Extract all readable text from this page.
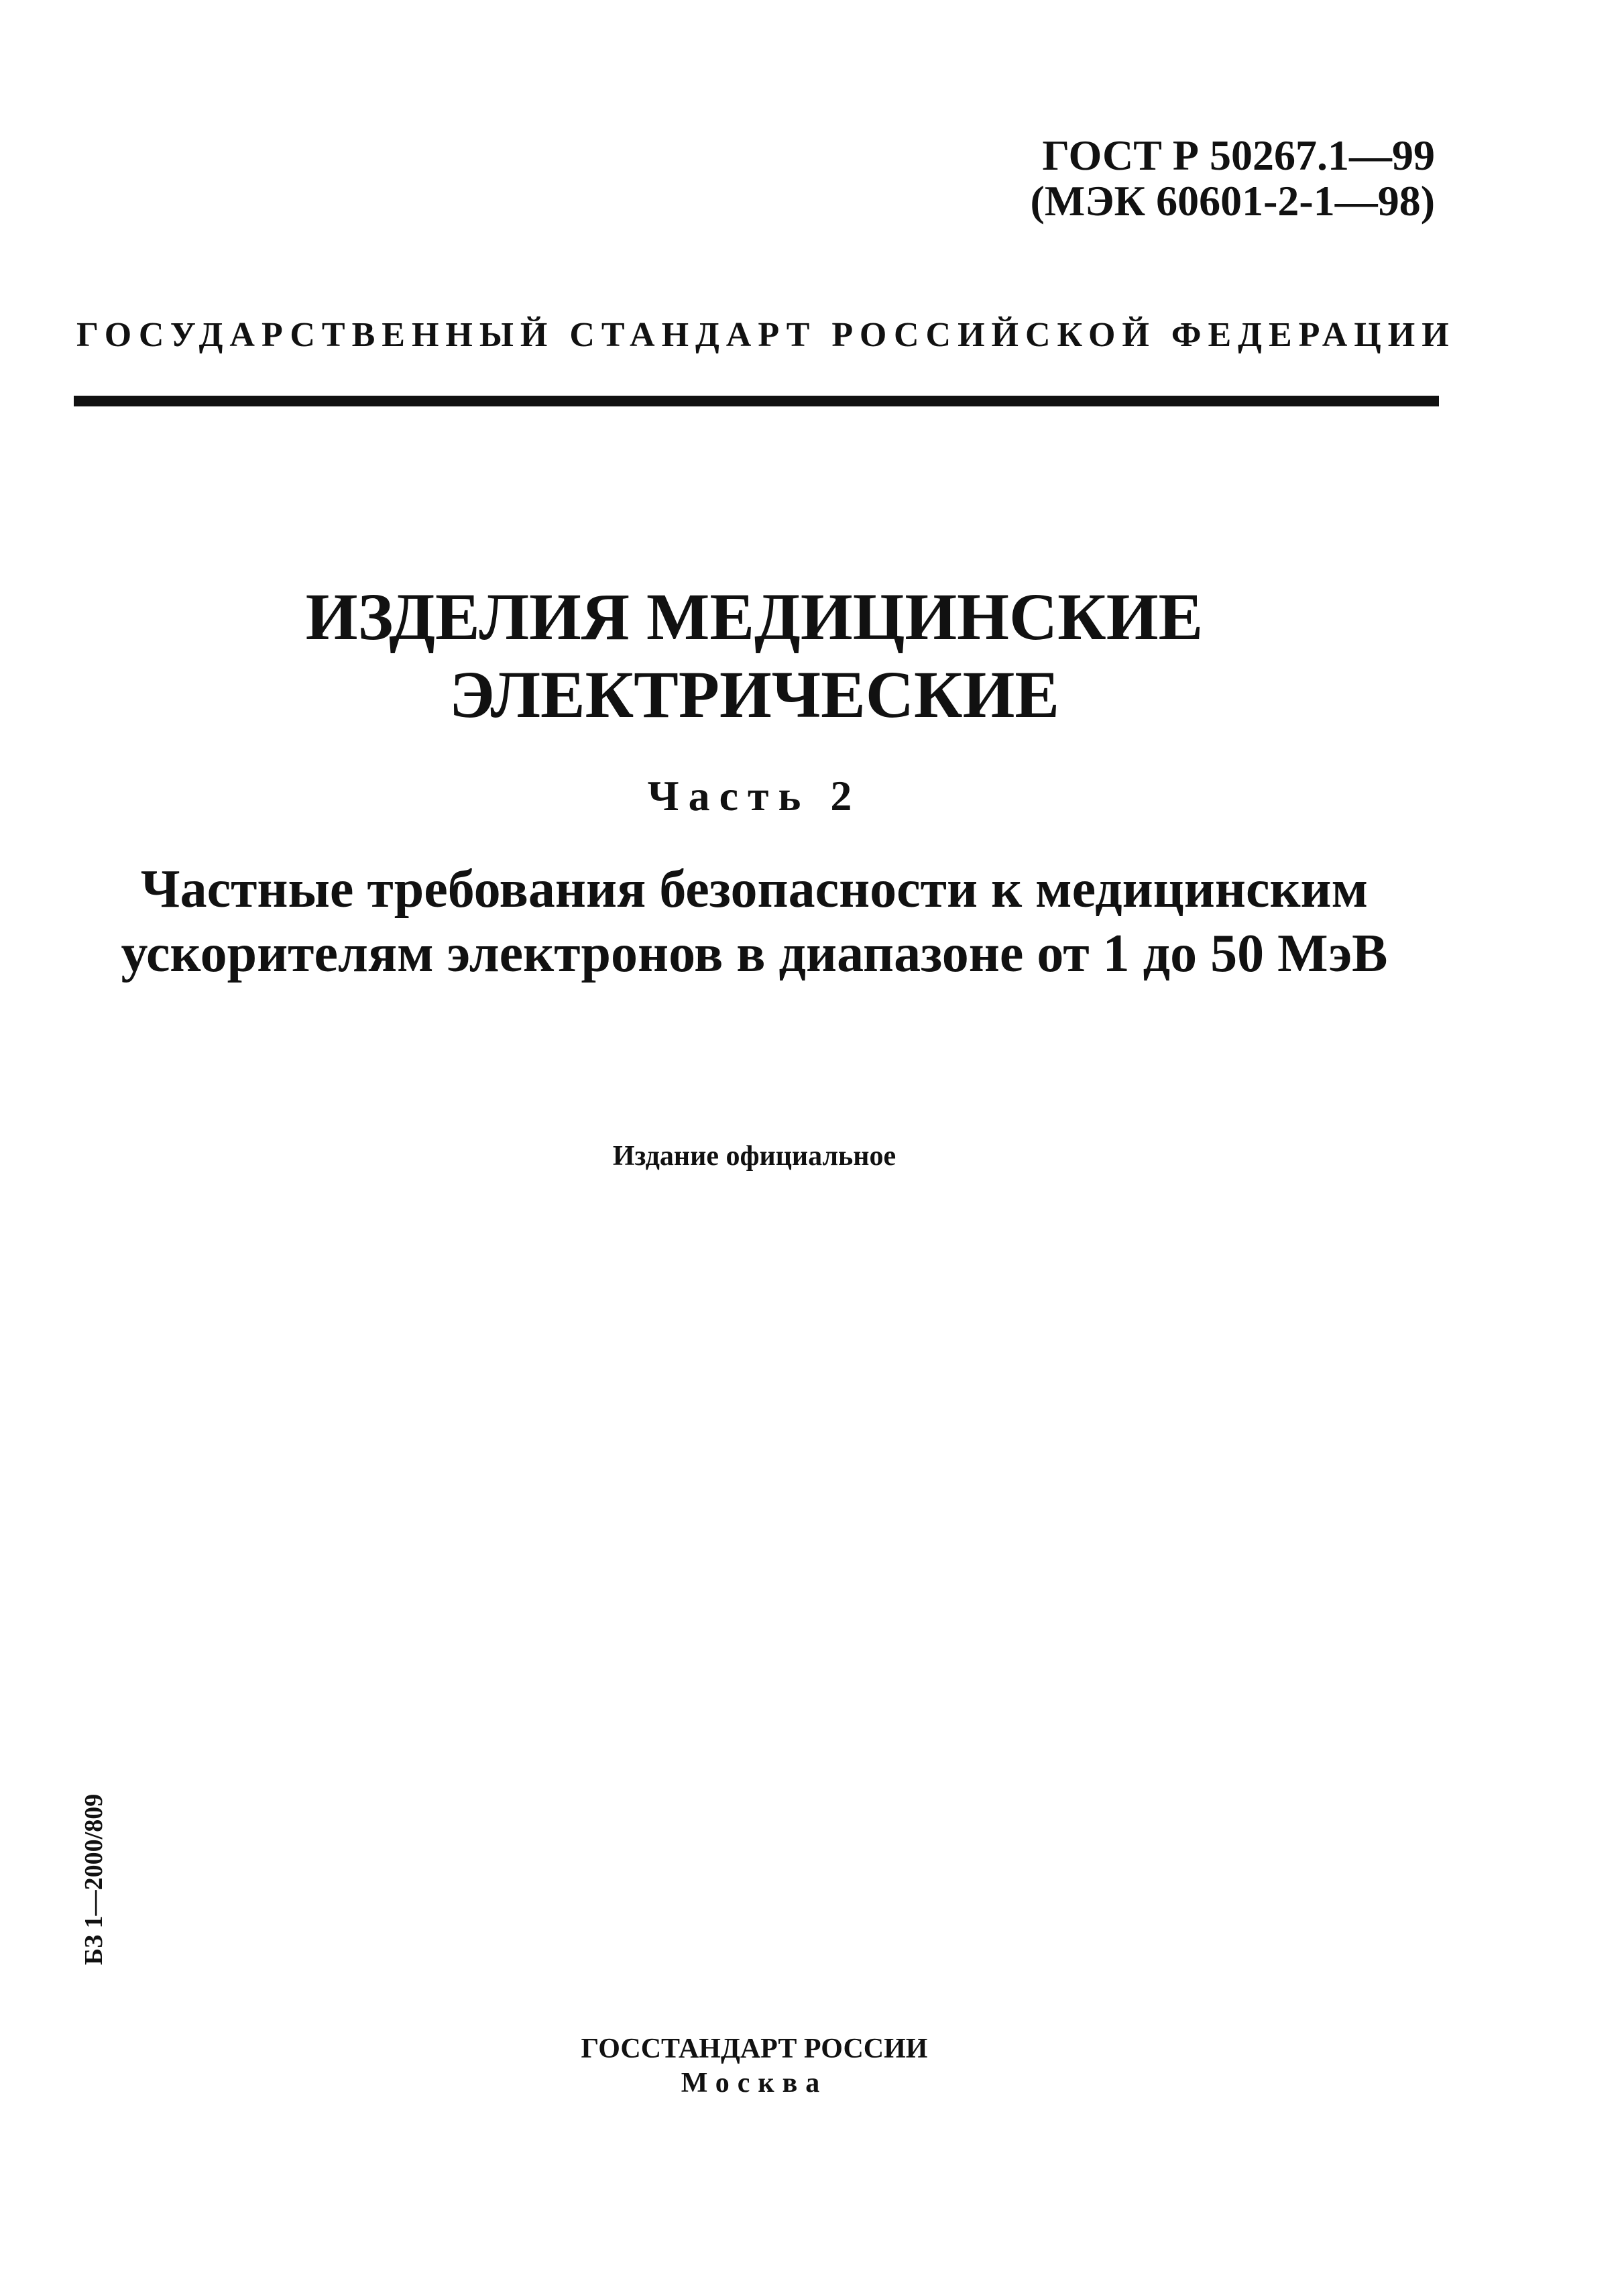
ГОСТ Р 50267.1—99
(МЭК 60601-2-1—98)
ГОСУДАРСТВЕННЫЙ СТАНДАРТ РОССИЙСКОЙ ФЕДЕРАЦИИ
ИЗДЕЛИЯ МЕДИЦИНСКИЕ
ЭЛЕКТРИЧЕСКИЕ
Часть 2
Частные требования безопасности к медицинским
ускорителям электронов в диапазоне от 1 до 50 МэВ
Издание официальное
БЗ 1—2000/809
ГОССТАНДАРТ РОССИИ
Москва
